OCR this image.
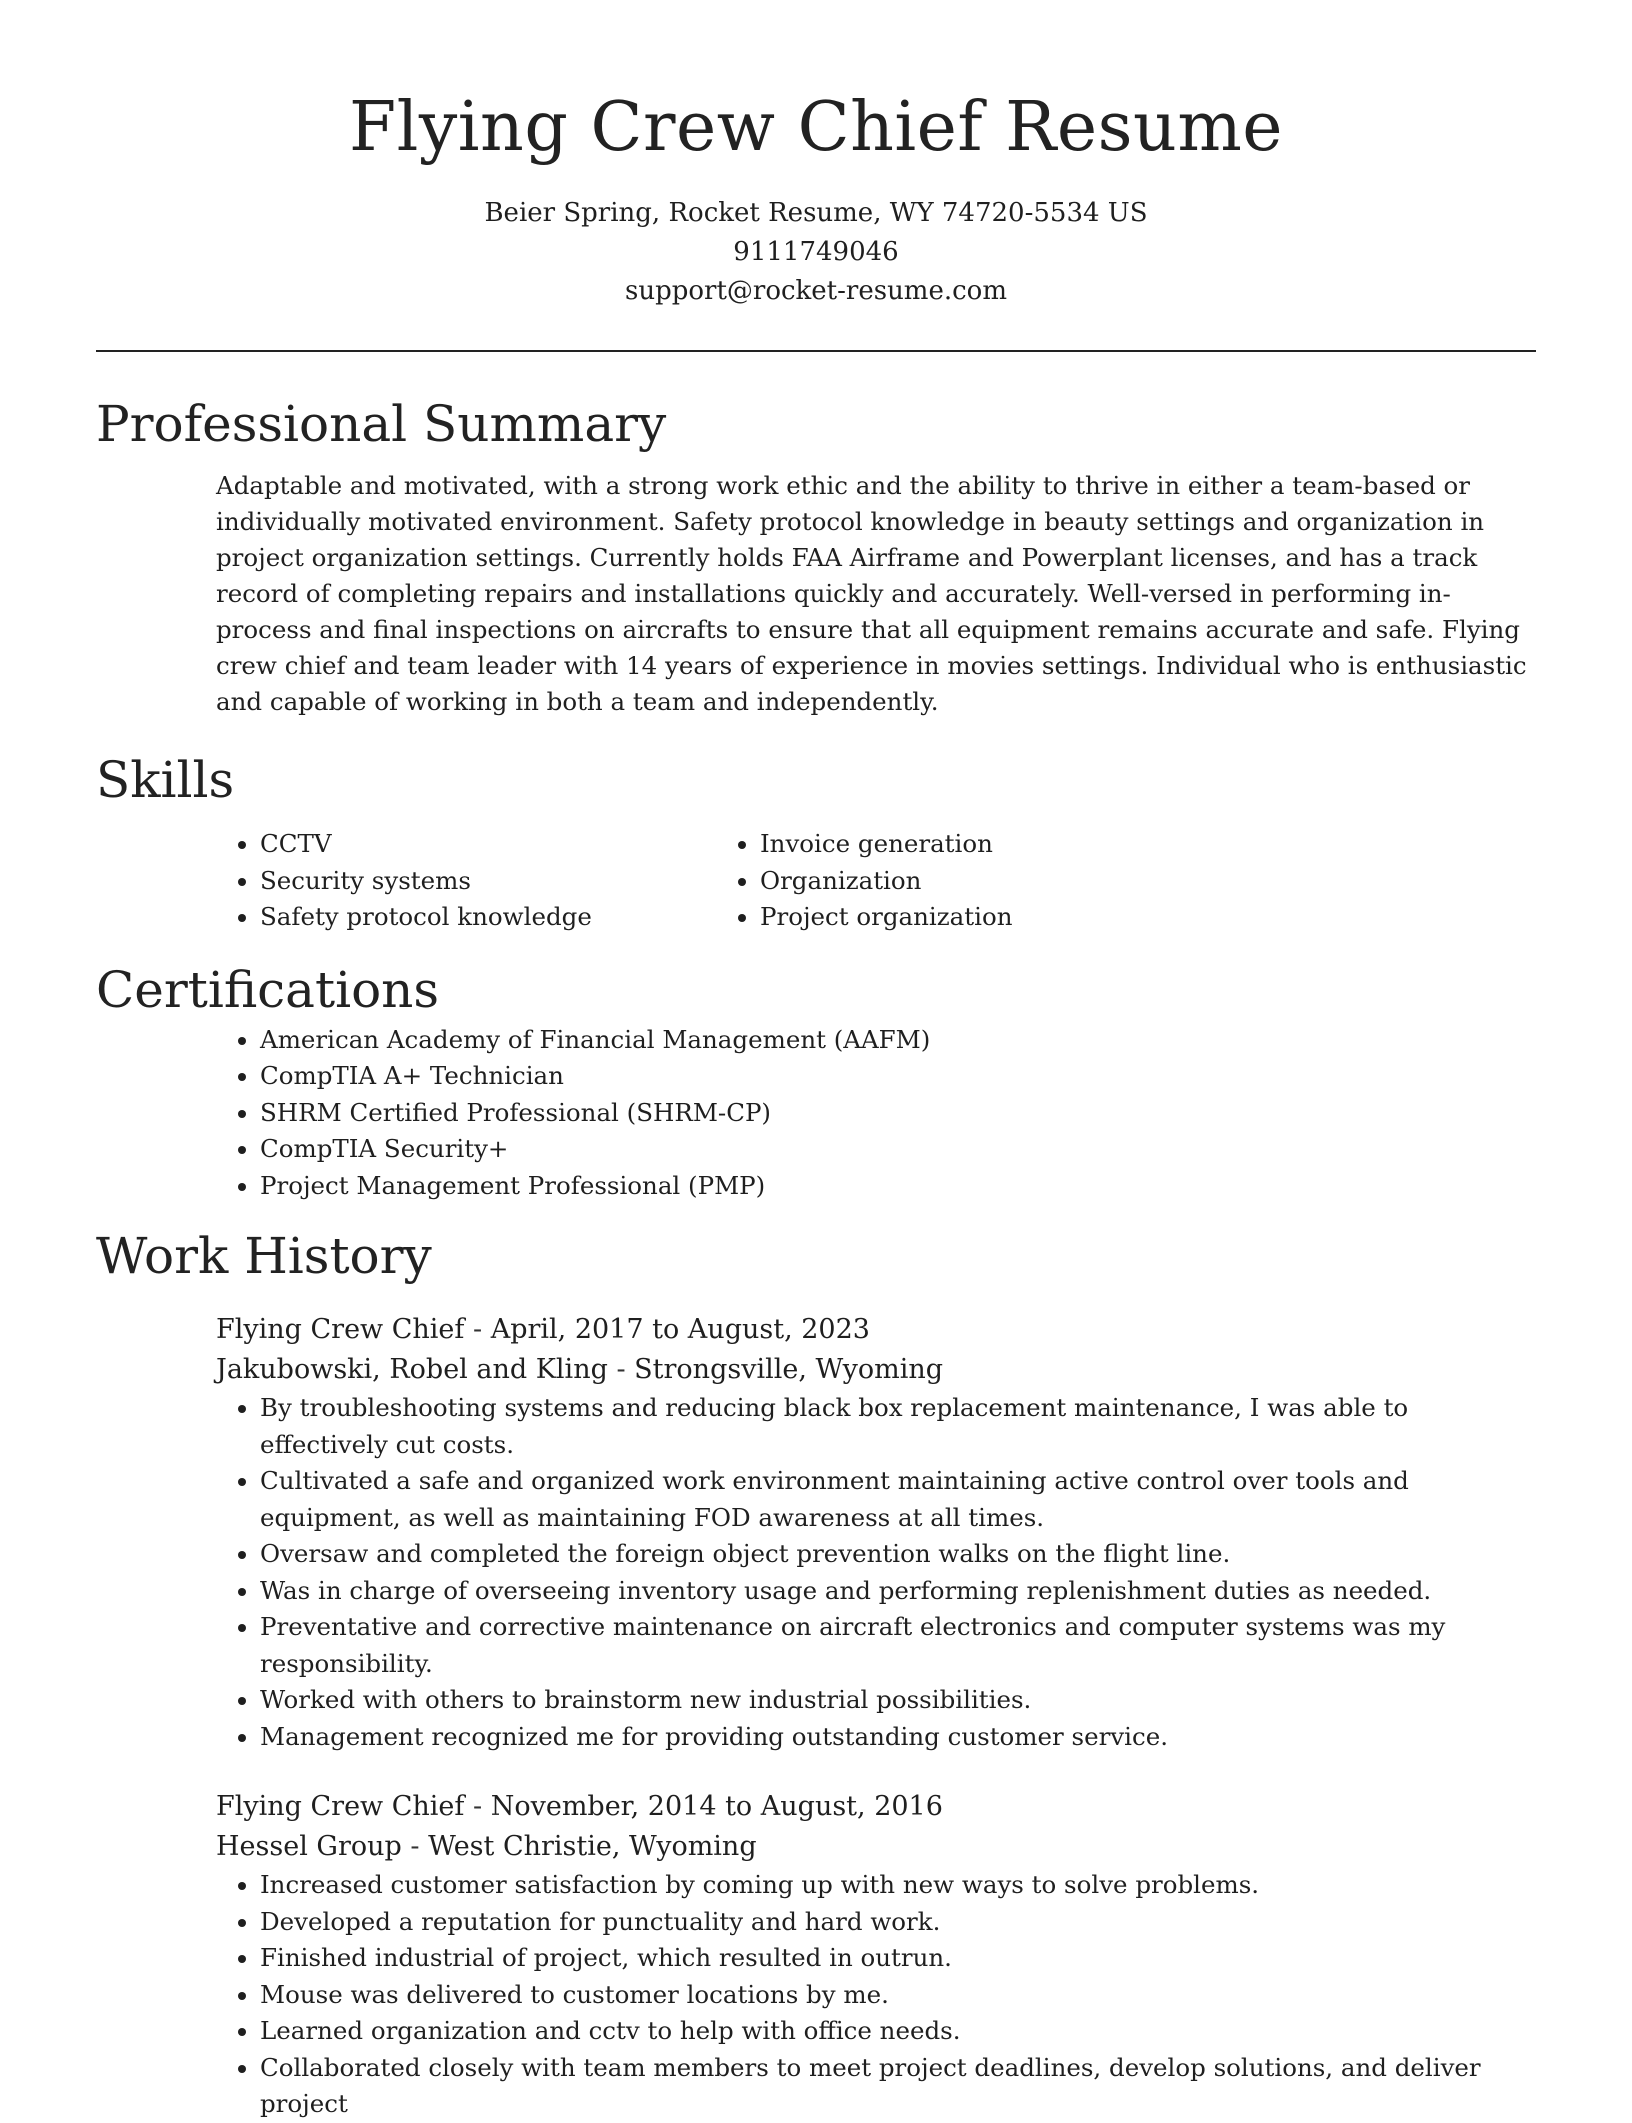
Flying Crew Chief Resume

Beier Spring, Rocket Resume, WY 74720-5534 US

9111749046

support@rocket-resume.com

Professional Summary

Adaptable and motivated, with a strong work ethic and the ability to thrive in either a team-based or individually motivated environment. Safety protocol knowledge in beauty settings and organization in project organization settings. Currently holds FAA Airframe and Powerplant licenses, and has a track record of completing repairs and installations quickly and accurately. Well-versed in performing in-process and final inspections on aircrafts to ensure that all equipment remains accurate and safe. Flying crew chief and team leader with 14 years of experience in movies settings. Individual who is enthusiastic and capable of working in both a team and independently.

Skills
• CCTV
• Security systems
• Safety protocol knowledge
• Invoice generation
• Organization
• Project organization
Certifications
• American Academy of Financial Management (AAFM)
• CompTIA A+ Technician
• SHRM Certified Professional (SHRM-CP)
• CompTIA Security+
• Project Management Professional (PMP)
Work History

Flying Crew Chief - April, 2017 to August, 2023

Jakubowski, Robel and Kling - Strongsville, Wyoming

• By troubleshooting systems and reducing black box replacement maintenance, I was able to effectively cut costs.
• Cultivated a safe and organized work environment maintaining active control over tools and equipment, as well as maintaining FOD awareness at all times.
• Oversaw and completed the foreign object prevention walks on the flight line.
• Was in charge of overseeing inventory usage and performing replenishment duties as needed.
• Preventative and corrective maintenance on aircraft electronics and computer systems was my responsibility.
• Worked with others to brainstorm new industrial possibilities.
• Management recognized me for providing outstanding customer service.

Flying Crew Chief - November, 2014 to August, 2016

Hessel Group - West Christie, Wyoming

• Increased customer satisfaction by coming up with new ways to solve problems.
• Developed a reputation for punctuality and hard work.
• Finished industrial of project, which resulted in outrun.
• Mouse was delivered to customer locations by me.
• Learned organization and cctv to help with office needs.
• Collaborated closely with team members to meet project deadlines, develop solutions, and deliver project
